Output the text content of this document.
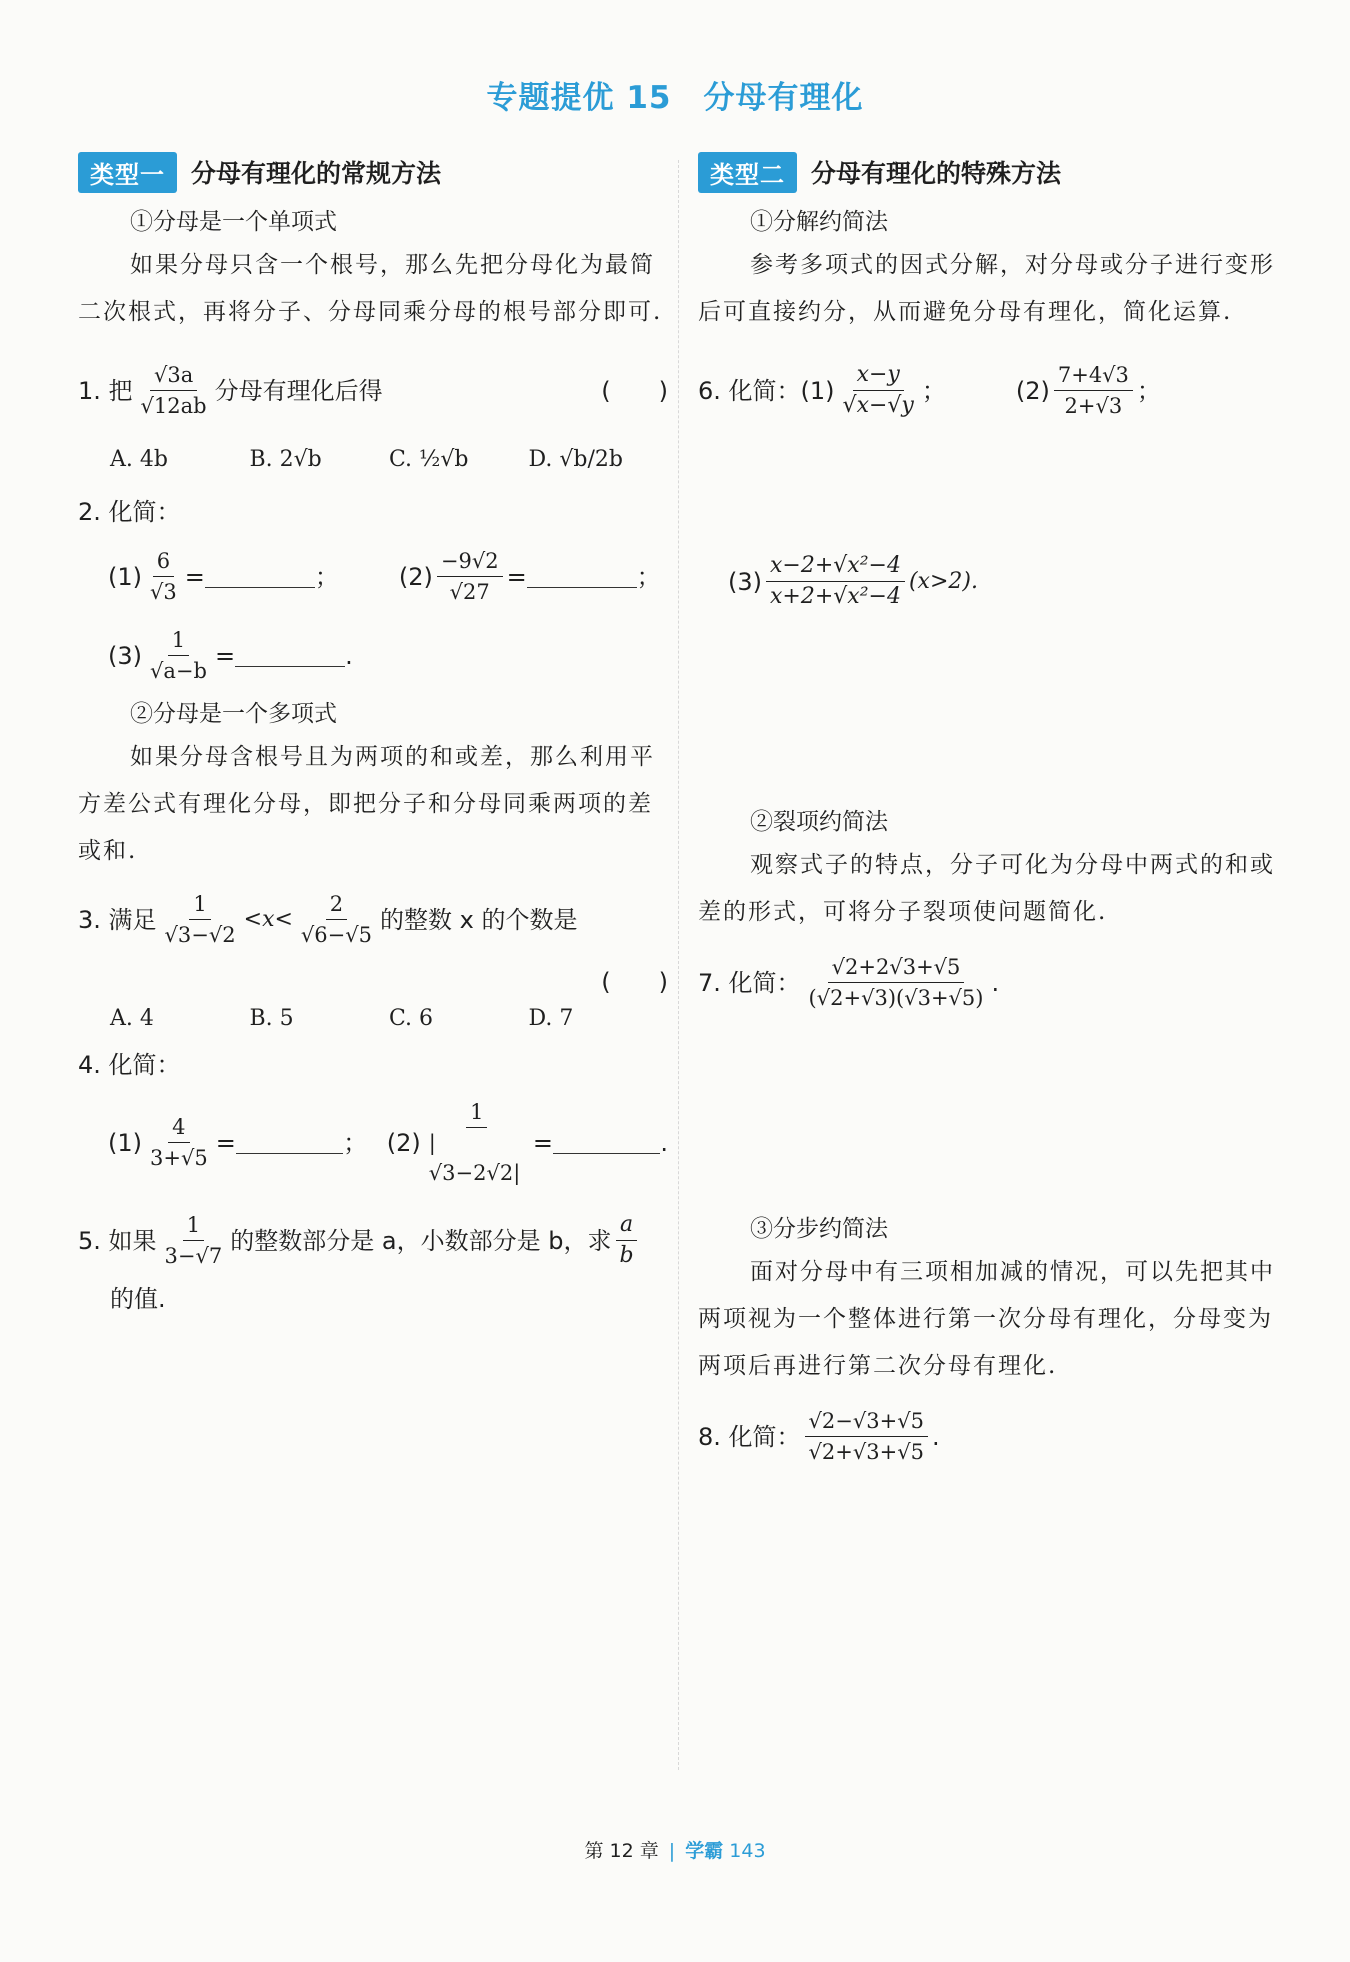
专题提优 15　分母有理化
类型一	分母有理化的常规方法
①分母是一个单项式
如果分母只含一个根号，那么先把分母化为最简二次根式，再将分子、分母同乘分母的根号部分即可.
1.
把 $\frac{√3a}{√12ab}$ 分母有理化后得	(　　)
A. 4b	B. 2√b	C. ½√b	D. √b/2b
2. 化简：
$(1) \frac{6}{√3}$ =	；	$(2) \frac{-9√2}{√27}$ =	；
$(3) \frac{1}{√a-b}$ =	.
②分母是一个多项式
如果分母含根号且为两项的和或差，那么利用平方差公式有理化分母，即把分子和分母同乘两项的差或和.
3.
满足 $\frac{1}{√3-√2} <x< \frac{2}{√6-√5}$ 的整数 x 的个数是
(　　)
A. 4	B. 5	C. 6	D. 7
4. 化简：
$(1) \frac{4}{3+√5}$ =	； $(2) \frac{1}{|√3-2√2|}$ =	.
5.
如果 $\frac{1}{3-√7}$ 的整数部分是 a，小数部分是 b，求 $\frac{a}{b}$
的值.
类型二	分母有理化的特殊方法
①分解约简法
参考多项式的因式分解，对分母或分子进行变形后可直接约分，从而避免分母有理化，简化运算.
6.
化简： $(1) \frac{x-y}{√x-√y}$ ；	$(2) \frac{7+4√3}{2+√3}$ ；
$(3) \frac{\text{x−2+√x²−4}}{\text{x+2+√x²−4}} (x>2)$.
②裂项约简法
观察式子的特点，分子可化为分母中两式的和或差的形式，可将分子裂项使问题简化.
7.
化简： $\frac{√2+2√3+√5}{(√2+√3)(√3+√5)}$ .
③分步约简法
面对分母中有三项相加减的情况，可以先把其中两项视为一个整体进行第一次分母有理化，分母变为两项后再进行第二次分母有理化.
8.
化简： $\frac{√2-√3+√5}{√2+√3+√5}$ .
第 12 章 | 学霸 143
